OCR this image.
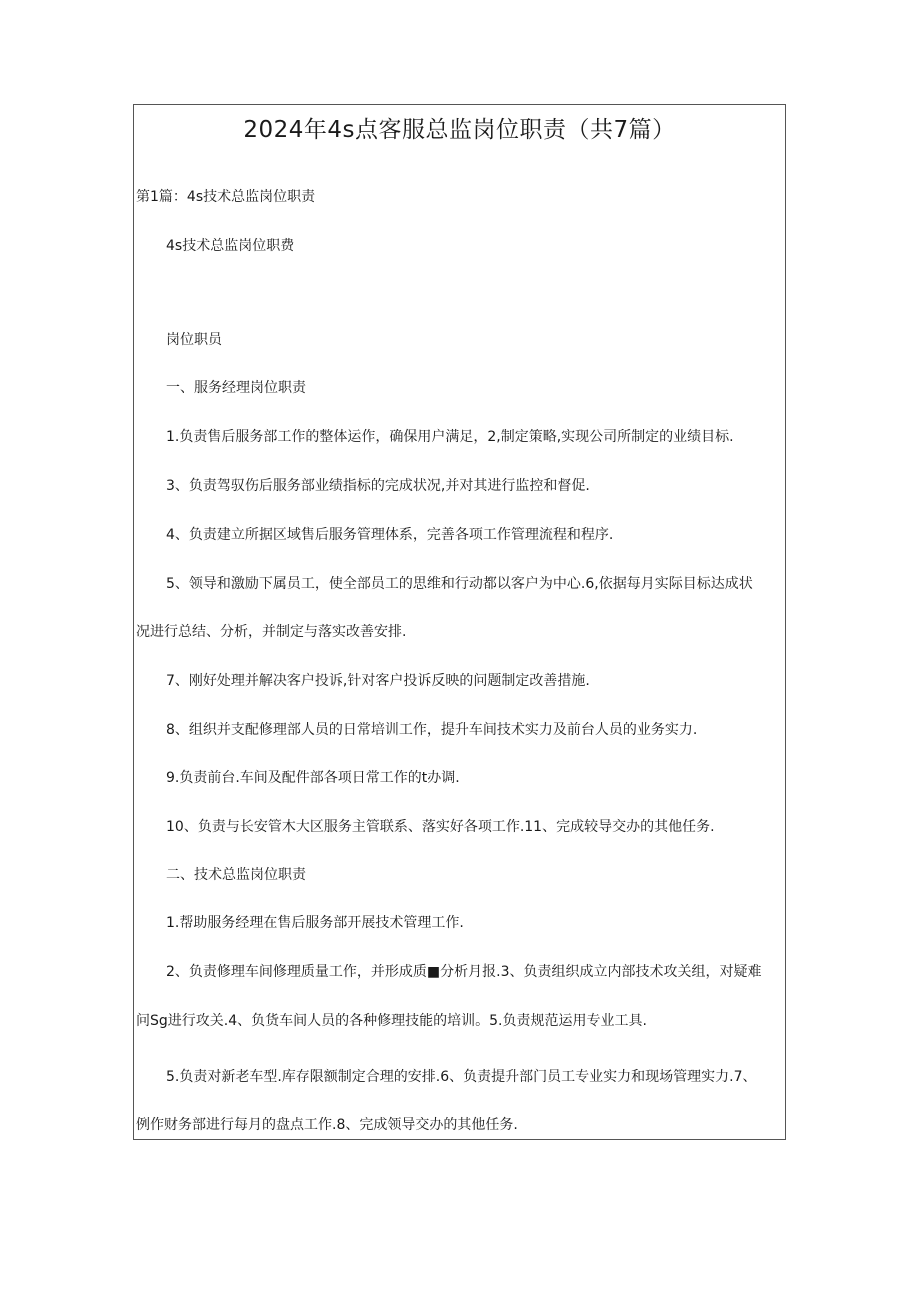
2024年4s点客服总监岗位职责（共7篇）
第1篇：4s技术总监岗位职责
4s技术总监岗位职费
岗位职员
一、服务经理岗位职责
1.负责售后服务部工作的整体运作，确保用户满足，2,制定策略,实现公司所制定的业绩目标.
3、负责驾驭伤后服务部业绩指标的完成状况,并对其进行监控和督促.
4、负责建立所据区域售后服务管理体系，完善各项工作管理流程和程序.
5、领导和激励下属员工，使全部员工的思维和行动都以客户为中心.6,依据每月实际目标达成状
况进行总结、分析，并制定与落实改善安排.
7、刚好处理并解决客户投诉,针对客户投诉反映的问题制定改善措施.
8、组织并支配修理部人员的日常培训工作，提升车间技术实力及前台人员的业务实力.
9.负责前台.车间及配件部各项日常工作的t办调.
10、负责与长安管木大区服务主管联系、落实好各项工作.11、完成较导交办的其他任务.
二、技术总监岗位职责
1.帮助服务经理在售后服务部开展技术管理工作.
2、负责修理车间修理质量工作，并形成质■分析月报.3、负责组织成立内部技术攻关组，对疑难
问Sg进行攻关.4、负货车间人员的各种修理技能的培训。5.负责规范运用专业工具.
5.负责对新老车型.库存限额制定合理的安排.6、负责提升部门员工专业实力和现场管理实力.7、
例作财务部进行每月的盘点工作.8、完成领导交办的其他任务.
